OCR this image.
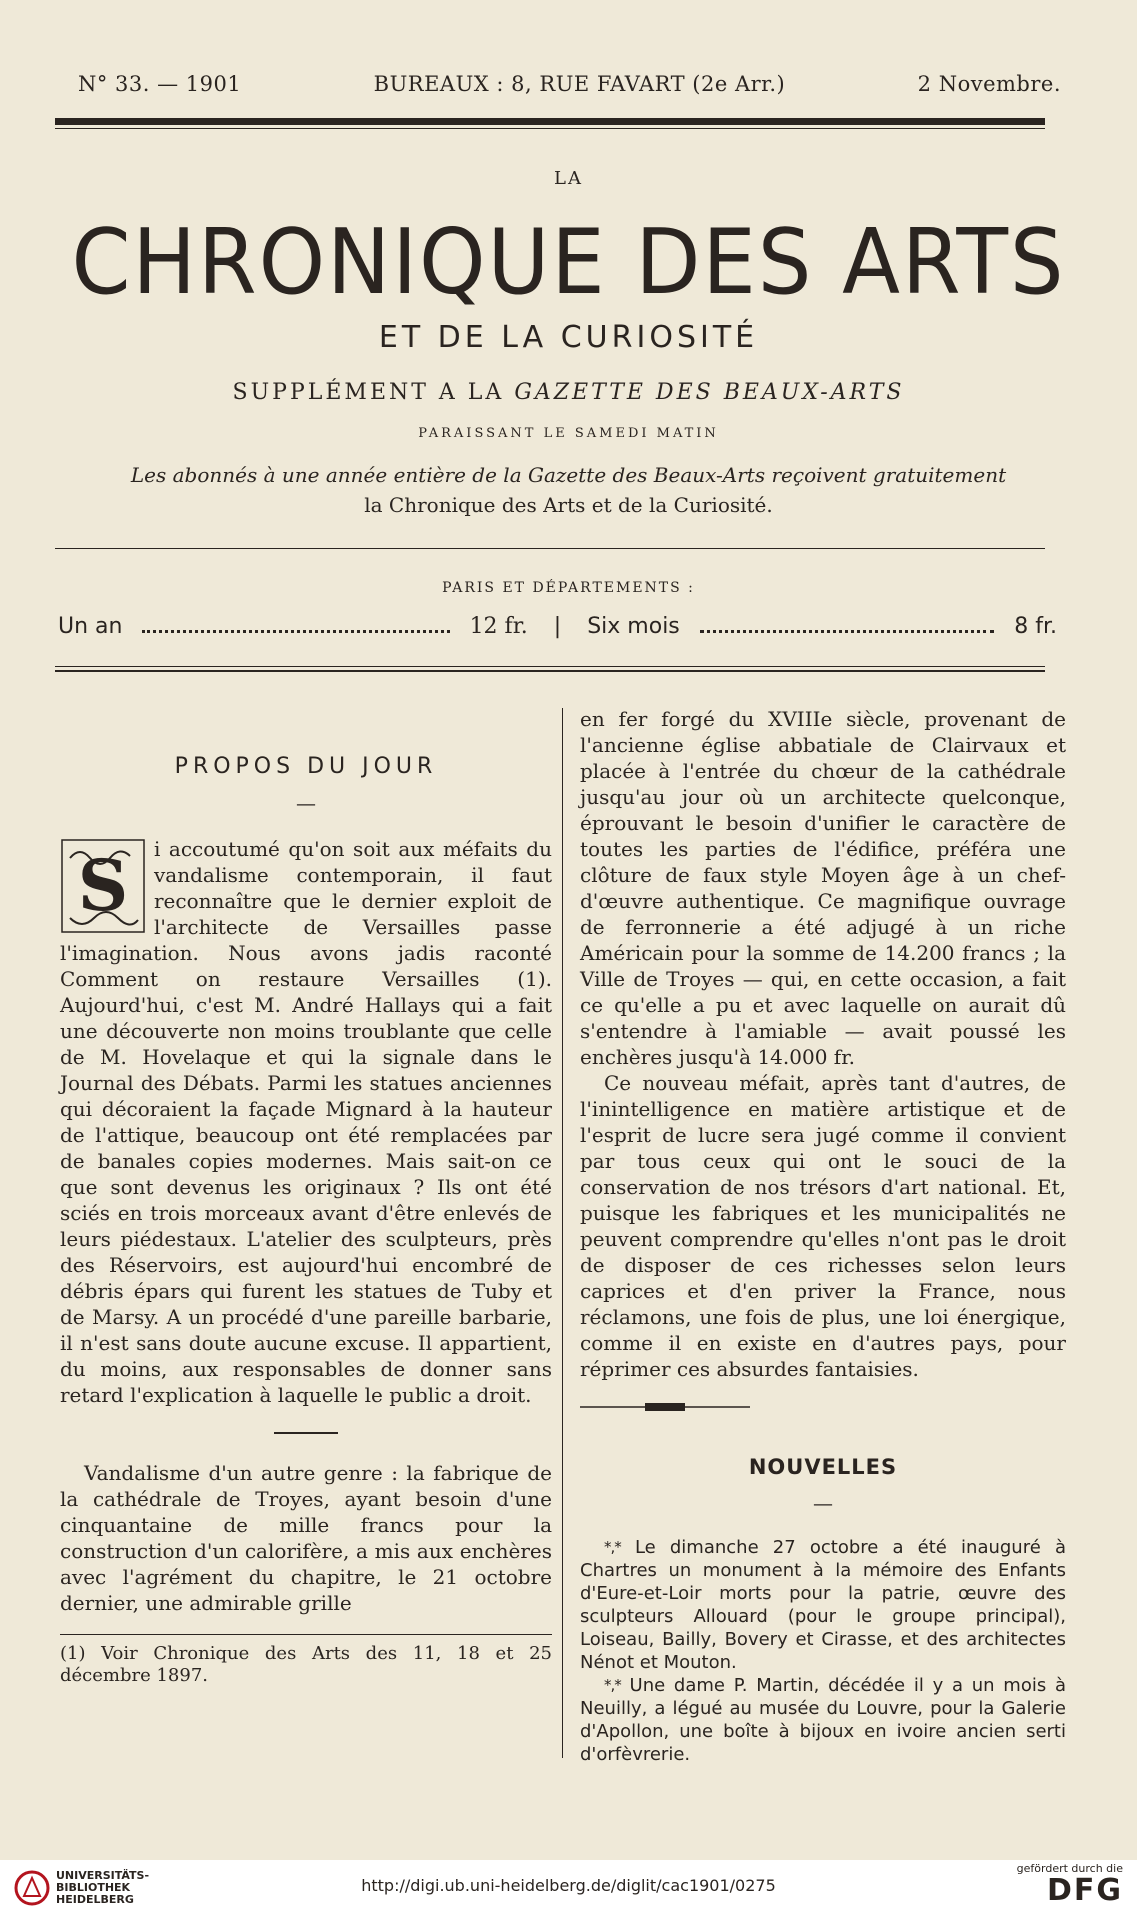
N° 33. — 1901	BUREAUX : 8, RUE FAVART (2e Arr.)	2 Novembre.
LA
CHRONIQUE DES ARTS
ET DE LA CURIOSITÉ
SUPPLÉMENT A LA GAZETTE DES BEAUX-ARTS
PARAISSANT LE SAMEDI MATIN
Les abonnés à une année entière de la Gazette des Beaux-Arts reçoivent gratuitement
la Chronique des Arts et de la Curiosité.
PARIS ET DÉPARTEMENTS :
Un an	12 fr. | Six mois	8 fr.
PROPOS DU JOUR
—

S i accoutumé qu'on soit aux méfaits du vandalisme contemporain, il faut reconnaître que le dernier exploit de l'architecte de Versailles passe l'imagination. Nous avons jadis raconté Comment on restaure Versailles (1). Aujourd'hui, c'est M. André Hallays qui a fait une découverte non moins troublante que celle de M. Hovelaque et qui la signale dans le Journal des Débats. Parmi les statues anciennes qui décoraient la façade Mignard à la hauteur de l'attique, beaucoup ont été remplacées par de banales copies modernes. Mais sait-on ce que sont devenus les originaux ? Ils ont été sciés en trois morceaux avant d'être enlevés de leurs piédestaux. L'atelier des sculpteurs, près des Réservoirs, est aujourd'hui encombré de débris épars qui furent les statues de Tuby et de Marsy. A un procédé d'une pareille barbarie, il n'est sans doute aucune excuse. Il appartient, du moins, aux responsables de donner sans retard l'explication à laquelle le public a droit.

Vandalisme d'un autre genre : la fabrique de la cathédrale de Troyes, ayant besoin d'une cinquantaine de mille francs pour la construction d'un calorifère, a mis aux enchères avec l'agrément du chapitre, le 21 octobre dernier, une admirable grille

(1) Voir Chronique des Arts des 11, 18 et 25 décembre 1897.

en fer forgé du XVIIIe siècle, provenant de l'ancienne église abbatiale de Clairvaux et placée à l'entrée du chœur de la cathédrale jusqu'au jour où un architecte quelconque, éprouvant le besoin d'unifier le caractère de toutes les parties de l'édifice, préféra une clôture de faux style Moyen âge à un chef-d'œuvre authentique. Ce magnifique ouvrage de ferronnerie a été adjugé à un riche Américain pour la somme de 14.200 francs ; la Ville de Troyes — qui, en cette occasion, a fait ce qu'elle a pu et avec laquelle on aurait dû s'entendre à l'amiable — avait poussé les enchères jusqu'à 14.000 fr.

Ce nouveau méfait, après tant d'autres, de l'inintelligence en matière artistique et de l'esprit de lucre sera jugé comme il convient par tous ceux qui ont le souci de la conservation de nos trésors d'art national. Et, puisque les fabriques et les municipalités ne peuvent comprendre qu'elles n'ont pas le droit de disposer de ces richesses selon leurs caprices et d'en priver la France, nous réclamons, une fois de plus, une loi énergique, comme il en existe en d'autres pays, pour réprimer ces absurdes fantaisies.

NOUVELLES
—

*,* Le dimanche 27 octobre a été inauguré à Chartres un monument à la mémoire des Enfants d'Eure-et-Loir morts pour la patrie, œuvre des sculpteurs Allouard (pour le groupe principal), Loiseau, Bailly, Bovery et Cirasse, et des architectes Nénot et Mouton.

*,* Une dame P. Martin, décédée il y a un mois à Neuilly, a légué au musée du Louvre, pour la Galerie d'Apollon, une boîte à bijoux en ivoire ancien serti d'orfèvrerie.

UNIVERSITÄTS-
BIBLIOTHEK
HEIDELBERG
http://digi.ub.uni-heidelberg.de/diglit/cac1901/0275
gefördert durch die
DFG
